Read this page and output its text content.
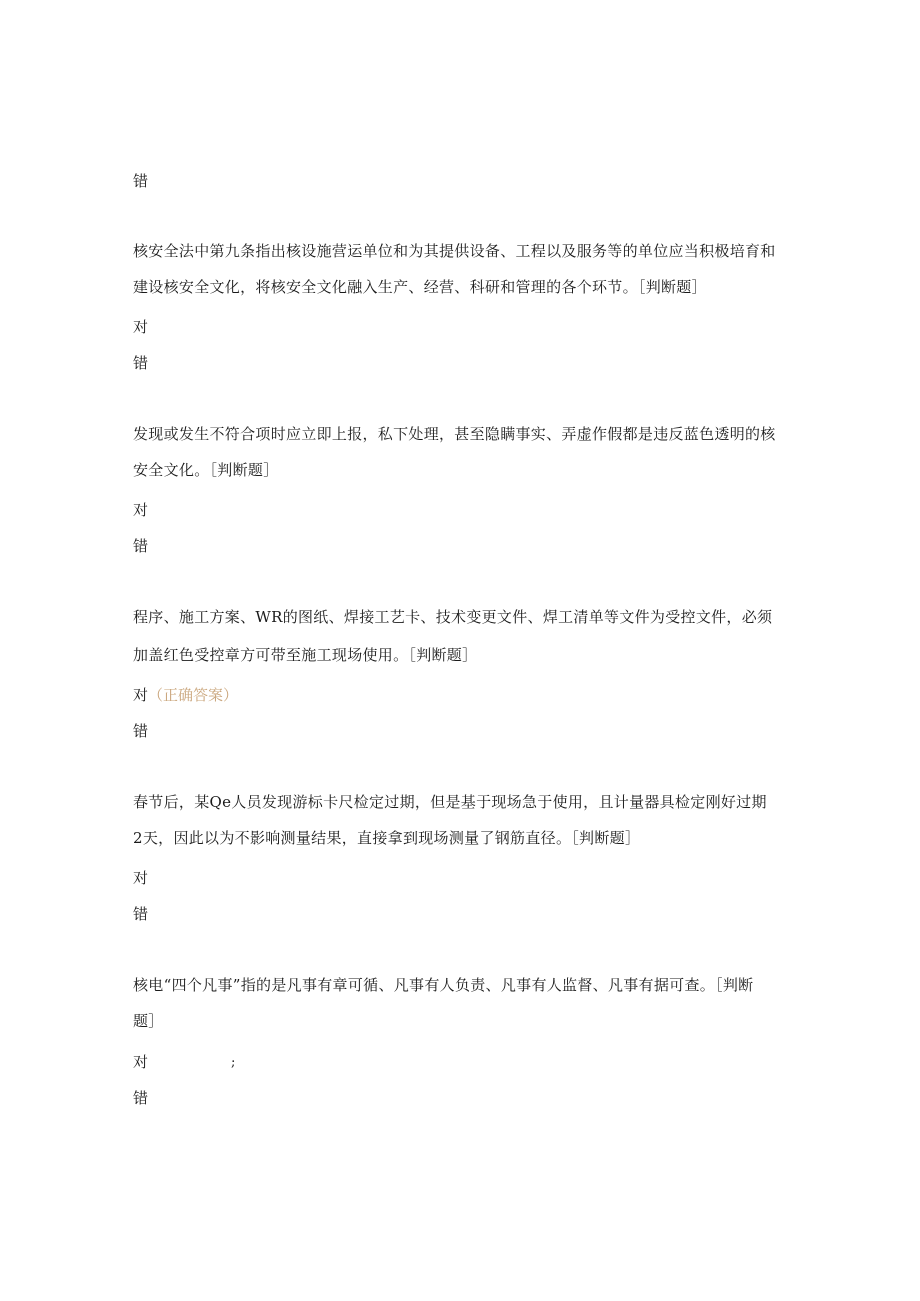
错
核安全法中第九条指出核设施营运单位和为其提供设备、工程以及服务等的单位应当积极培育和
建设核安全文化，将核安全文化融入生产、经营、科研和管理的各个环节。［判断题］
对
错
发现或发生不符合项时应立即上报，私下处理，甚至隐瞒事实、弄虚作假都是违反蓝色透明的核
安全文化。［判断题］
对
错
程序、施工方案、WR的图纸、焊接工艺卡、技术变更文件、焊工清单等文件为受控文件，必须
加盖红色受控章方可带至施工现场使用。［判断题］
对（正确答案）
错
春节后，某Qe人员发现游标卡尺检定过期，但是基于现场急于使用，且计量器具检定刚好过期
2天，因此以为不影响测量结果，直接拿到现场测量了钢筋直径。［判断题］
对
错
核电“四个凡事”指的是凡事有章可循、凡事有人负责、凡事有人监督、凡事有据可查。［判断
题］
对	;
错
